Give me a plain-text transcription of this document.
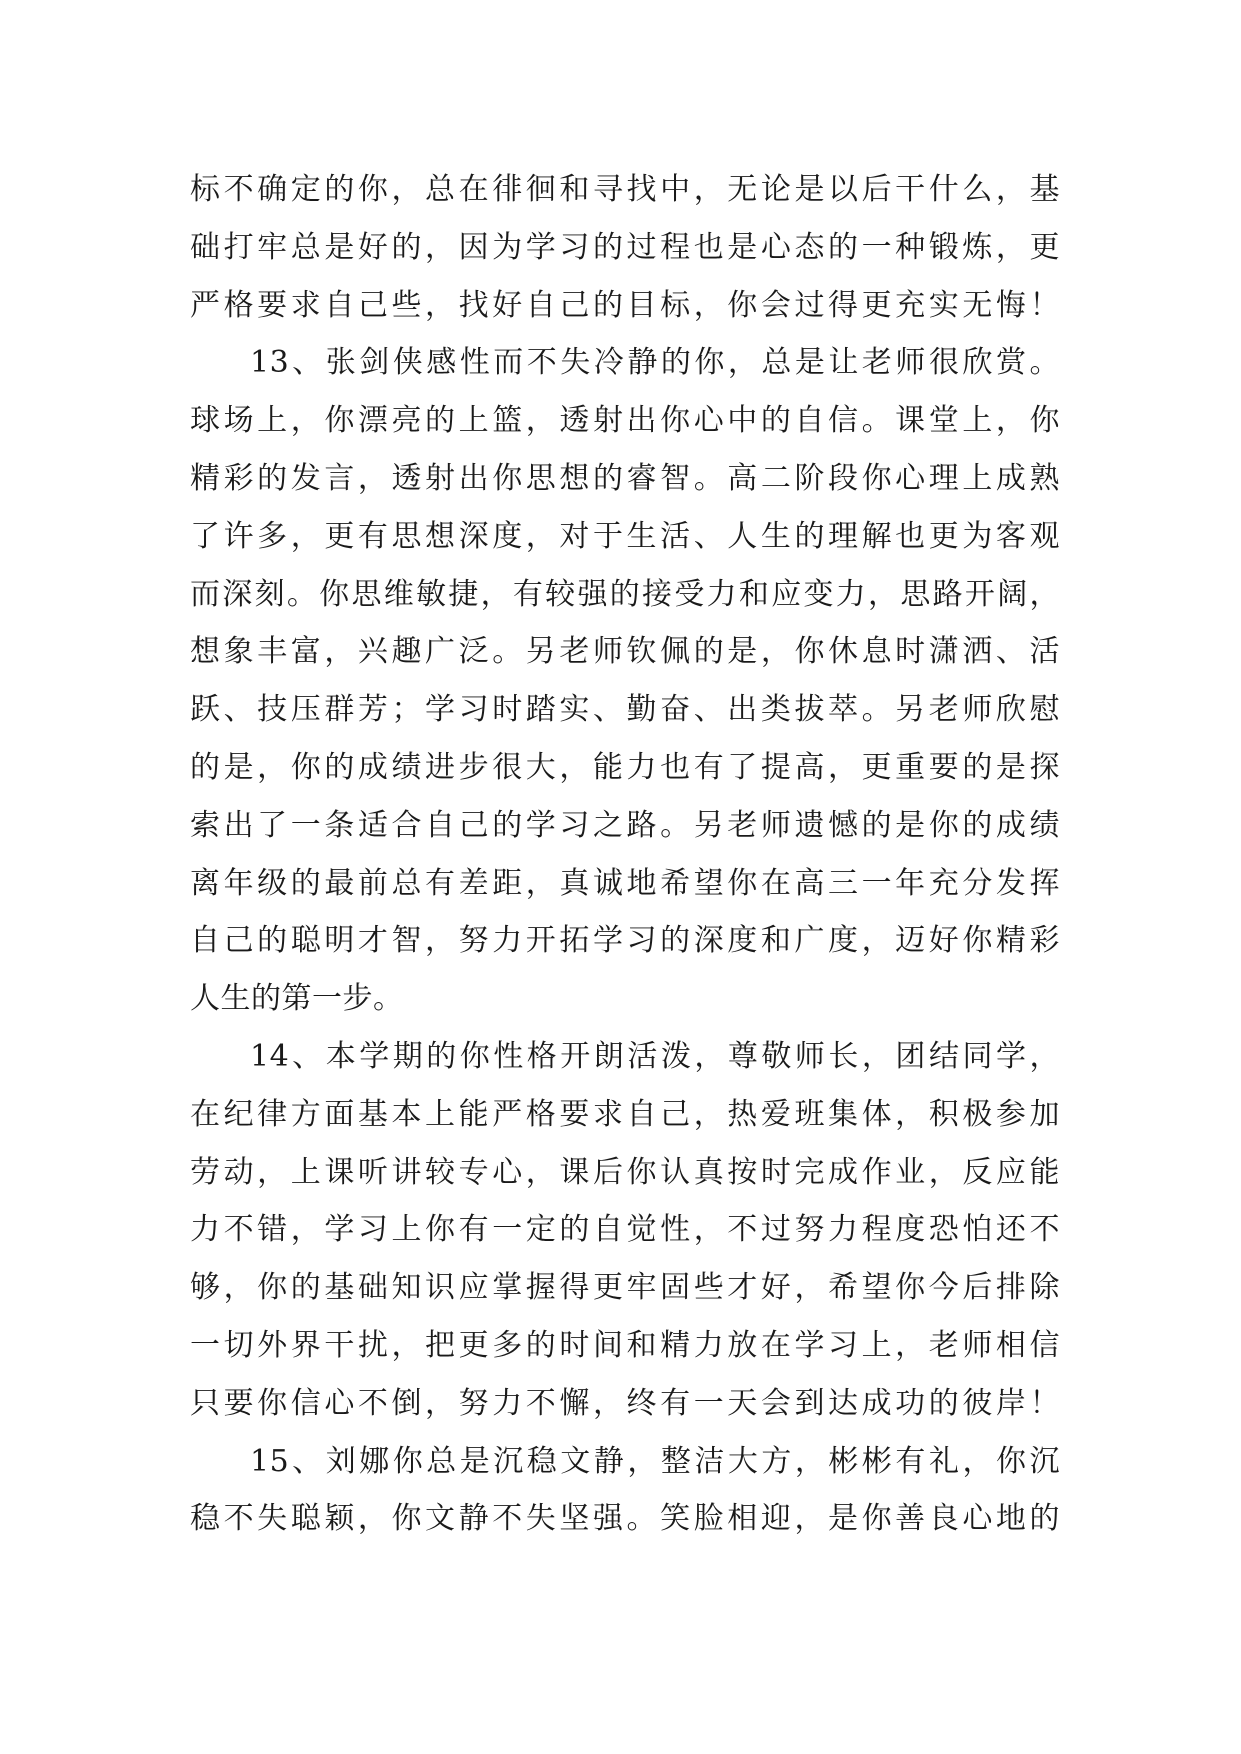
标不确定的你，总在徘徊和寻找中，无论是以后干什么，基
础打牢总是好的，因为学习的过程也是心态的一种锻炼，更
严格要求自己些，找好自己的目标，你会过得更充实无悔！
13、张剑侠感性而不失冷静的你，总是让老师很欣赏。
球场上，你漂亮的上篮，透射出你心中的自信。课堂上，你
精彩的发言，透射出你思想的睿智。高二阶段你心理上成熟
了许多，更有思想深度，对于生活、人生的理解也更为客观
而深刻。你思维敏捷，有较强的接受力和应变力，思路开阔，
想象丰富，兴趣广泛。另老师钦佩的是，你休息时潇洒、活
跃、技压群芳；学习时踏实、勤奋、出类拔萃。另老师欣慰
的是，你的成绩进步很大，能力也有了提高，更重要的是探
索出了一条适合自己的学习之路。另老师遗憾的是你的成绩
离年级的最前总有差距，真诚地希望你在高三一年充分发挥
自己的聪明才智，努力开拓学习的深度和广度，迈好你精彩
人生的第一步。
14、本学期的你性格开朗活泼，尊敬师长，团结同学，
在纪律方面基本上能严格要求自己，热爱班集体，积极参加
劳动，上课听讲较专心，课后你认真按时完成作业，反应能
力不错，学习上你有一定的自觉性，不过努力程度恐怕还不
够，你的基础知识应掌握得更牢固些才好，希望你今后排除
一切外界干扰，把更多的时间和精力放在学习上，老师相信
只要你信心不倒，努力不懈，终有一天会到达成功的彼岸！
15、刘娜你总是沉稳文静，整洁大方，彬彬有礼，你沉
稳不失聪颖，你文静不失坚强。笑脸相迎，是你善良心地的
